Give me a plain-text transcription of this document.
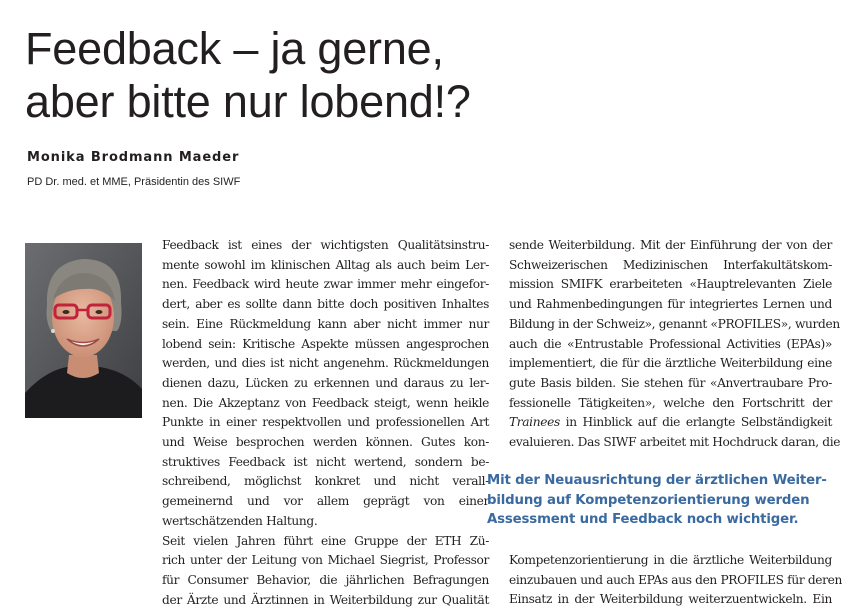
Feedback – ja gerne,
aber bitte nur lobend!?
Monika Brodmann Maeder
PD Dr. med. et MME, Präsidentin des SIWF
Feedback ist eines der wichtigsten Qualitätsinstru-
mente sowohl im klinischen Alltag als auch beim Ler-
nen. Feedback wird heute zwar immer mehr eingefor-
dert, aber es sollte dann bitte doch positiven Inhaltes
sein. Eine Rückmeldung kann aber nicht immer nur
lobend sein: Kritische Aspekte müssen angesprochen
werden, und dies ist nicht angenehm. Rückmeldungen
dienen dazu, Lücken zu erkennen und daraus zu ler-
nen. Die Akzeptanz von Feedback steigt, wenn heikle
Punkte in einer respektvollen und professionellen Art
und Weise besprochen werden können. Gutes kon-
struktives Feedback ist nicht wertend, sondern be-
schreibend, möglichst konkret und nicht verall-
gemeinernd und vor allem geprägt von einer
wertschätzenden Haltung.
Seit vielen Jahren führt eine Gruppe der ETH Zü-
rich unter der Leitung von Michael Siegrist, Professor
für Consumer Behavior, die jährlichen Befragungen
der Ärzte und Ärztinnen in Weiterbildung zur Qualität
sende Weiterbildung. Mit der Einführung der von der
Schweizerischen Medizinischen Interfakultätskom-
mission SMIFK erarbeiteten «Hauptrelevanten Ziele
und Rahmenbedingungen für integriertes Lernen und
Bildung in der Schweiz», genannt «PROFILES», wurden
auch die «Entrustable Professional Activities (EPAs)»
implementiert, die für die ärztliche Weiterbildung eine
gute Basis bilden. Sie stehen für «Anvertraubare Pro-
fessionelle Tätigkeiten», welche den Fortschritt der
Trainees in Hinblick auf die erlangte Selbständigkeit
evaluieren. Das SIWF arbeitet mit Hochdruck daran, die
Mit der Neuausrichtung der ärztlichen Weiter-
bildung auf Kompetenzorientierung werden
Assessment und Feedback noch wichtiger.
Kompetenzorientierung in die ärztliche Weiterbildung
einzubauen und auch EPAs aus den PROFILES für deren
Einsatz in der Weiterbildung weiterzuentwickeln. Ein
